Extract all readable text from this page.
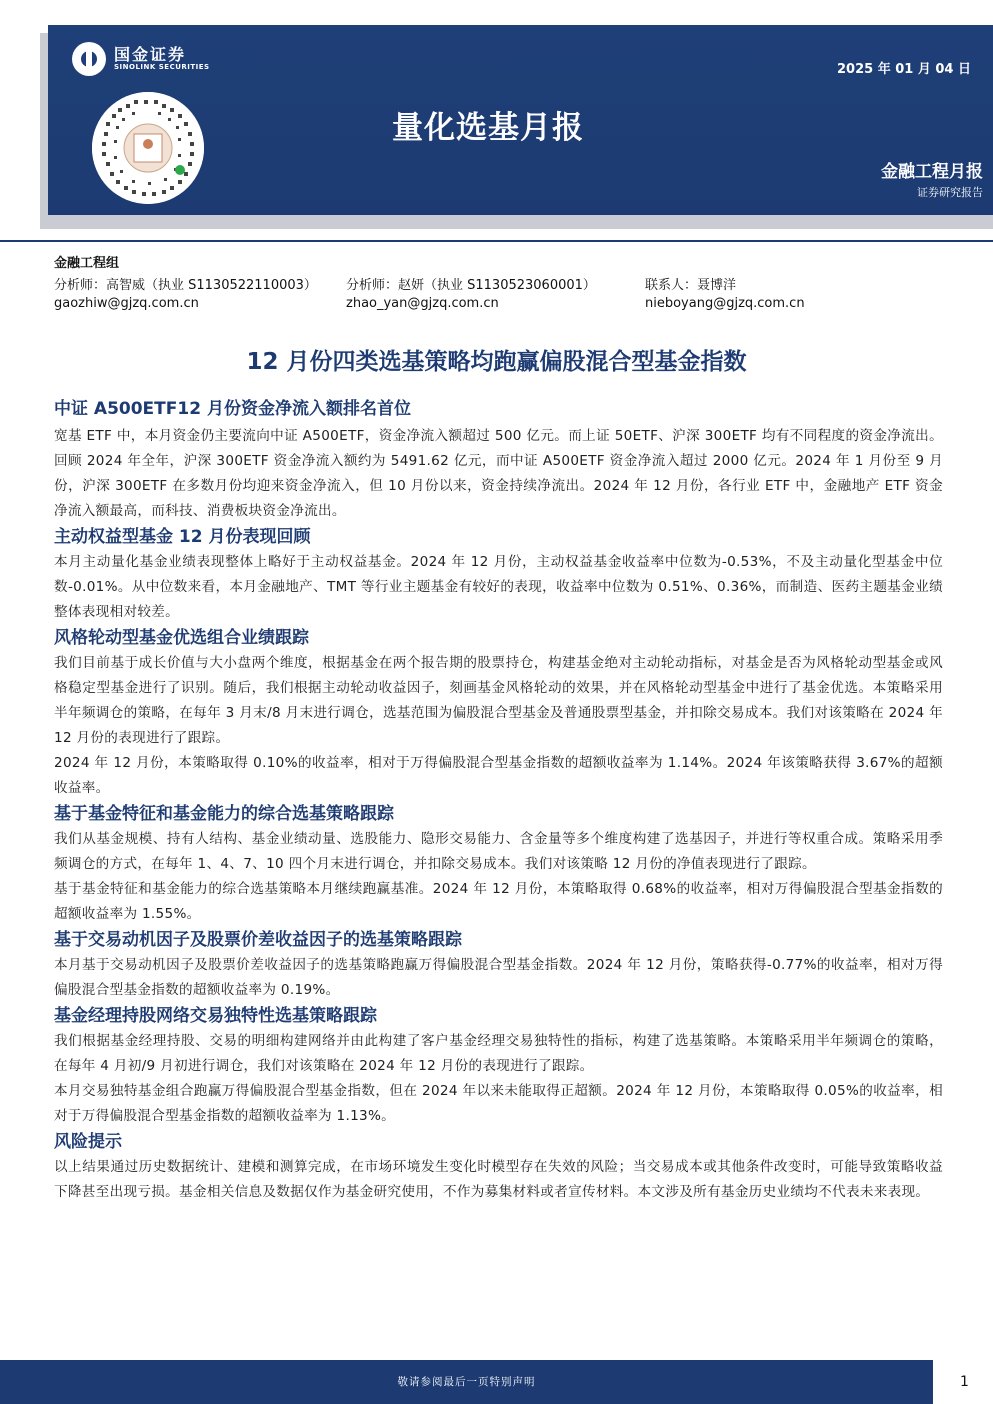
国金证券
SINOLINK SECURITIES	2025 年 01 月 04 日
量化选基月报
金融工程月报
证券研究报告
金融工程组
分析师：高智威（执业 S1130522110003） 分析师：赵妍（执业 S1130523060001）	联系人：聂博洋
gaozhiw@gjzq.com.cn	zhao_yan@gjzq.com.cn	nieboyang@gjzq.com.cn
12 月份四类选基策略均跑赢偏股混合型基金指数
中证 A500ETF12 月份资金净流入额排名首位

宽基 ETF 中，本月资金仍主要流向中证 A500ETF，资金净流入额超过 500 亿元。而上证 50ETF、沪深 300ETF 均有不同程度的资金净流出。回顾 2024 年全年，沪深 300ETF 资金净流入额约为 5491.62 亿元，而中证 A500ETF 资金净流入超过 2000 亿元。2024 年 1 月份至 9 月份，沪深 300ETF 在多数月份均迎来资金净流入，但 10 月份以来，资金持续净流出。2024 年 12 月份，各行业 ETF 中，金融地产 ETF 资金净流入额最高，而科技、消费板块资金净流出。

主动权益型基金 12 月份表现回顾

本月主动量化基金业绩表现整体上略好于主动权益基金。2024 年 12 月份，主动权益基金收益率中位数为-0.53%，不及主动量化型基金中位数-0.01%。从中位数来看，本月金融地产、TMT 等行业主题基金有较好的表现，收益率中位数为 0.51%、0.36%，而制造、医药主题基金业绩整体表现相对较差。

风格轮动型基金优选组合业绩跟踪

我们目前基于成长价值与大小盘两个维度，根据基金在两个报告期的股票持仓，构建基金绝对主动轮动指标，对基金是否为风格轮动型基金或风格稳定型基金进行了识别。随后，我们根据主动轮动收益因子，刻画基金风格轮动的效果，并在风格轮动型基金中进行了基金优选。本策略采用半年频调仓的策略，在每年 3 月末/8 月末进行调仓，选基范围为偏股混合型基金及普通股票型基金，并扣除交易成本。我们对该策略在 2024 年 12 月份的表现进行了跟踪。

2024 年 12 月份，本策略取得 0.10%的收益率，相对于万得偏股混合型基金指数的超额收益率为 1.14%。2024 年该策略获得 3.67%的超额收益率。

基于基金特征和基金能力的综合选基策略跟踪

我们从基金规模、持有人结构、基金业绩动量、选股能力、隐形交易能力、含金量等多个维度构建了选基因子，并进行等权重合成。策略采用季频调仓的方式，在每年 1、4、7、10 四个月末进行调仓，并扣除交易成本。我们对该策略 12 月份的净值表现进行了跟踪。

基于基金特征和基金能力的综合选基策略本月继续跑赢基准。2024 年 12 月份，本策略取得 0.68%的收益率，相对万得偏股混合型基金指数的超额收益率为 1.55%。

基于交易动机因子及股票价差收益因子的选基策略跟踪

本月基于交易动机因子及股票价差收益因子的选基策略跑赢万得偏股混合型基金指数。2024 年 12 月份，策略获得-0.77%的收益率，相对万得偏股混合型基金指数的超额收益率为 0.19%。

基金经理持股网络交易独特性选基策略跟踪

我们根据基金经理持股、交易的明细构建网络并由此构建了客户基金经理交易独特性的指标，构建了选基策略。本策略采用半年频调仓的策略，在每年 4 月初/9 月初进行调仓，我们对该策略在 2024 年 12 月份的表现进行了跟踪。

本月交易独特基金组合跑赢万得偏股混合型基金指数，但在 2024 年以来未能取得正超额。2024 年 12 月份，本策略取得 0.05%的收益率，相对于万得偏股混合型基金指数的超额收益率为 1.13%。

风险提示

以上结果通过历史数据统计、建模和测算完成，在市场环境发生变化时模型存在失效的风险；当交易成本或其他条件改变时，可能导致策略收益下降甚至出现亏损。基金相关信息及数据仅作为基金研究使用，不作为募集材料或者宣传材料。本文涉及所有基金历史业绩均不代表未来表现。

敬请参阅最后一页特别声明	1
